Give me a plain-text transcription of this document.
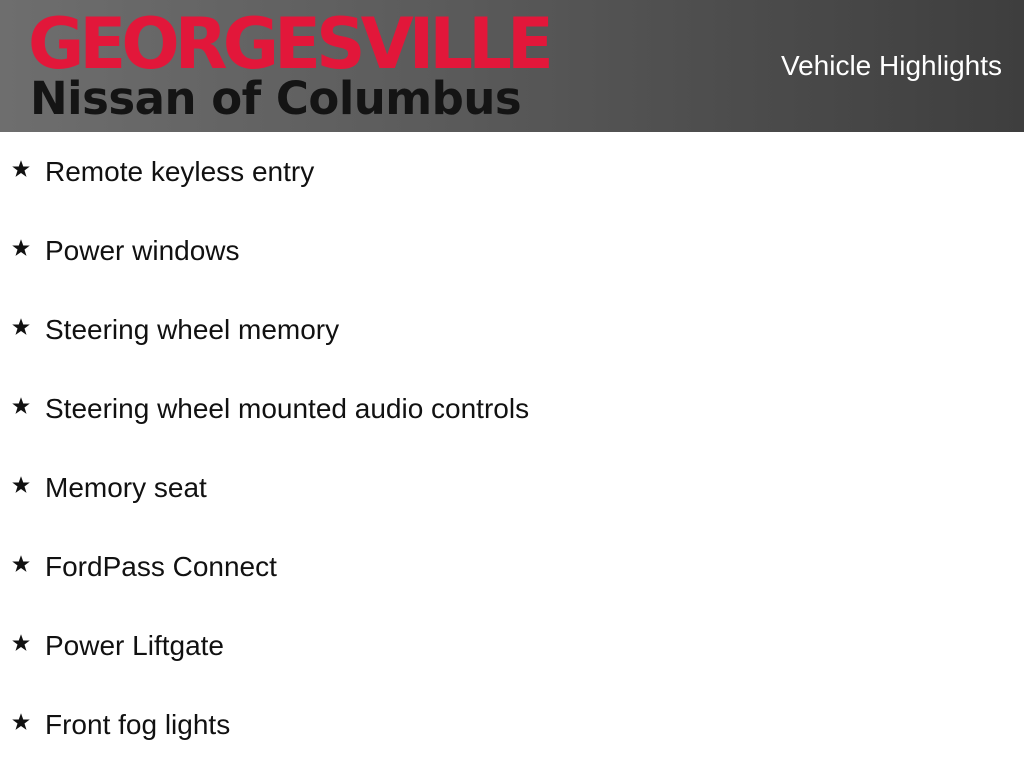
GEORGESVILLE
Nissan of Columbus
Vehicle Highlights
Remote keyless entry
Power windows
Steering wheel memory
Steering wheel mounted audio controls
Memory seat
FordPass Connect
Power Liftgate
Front fog lights
